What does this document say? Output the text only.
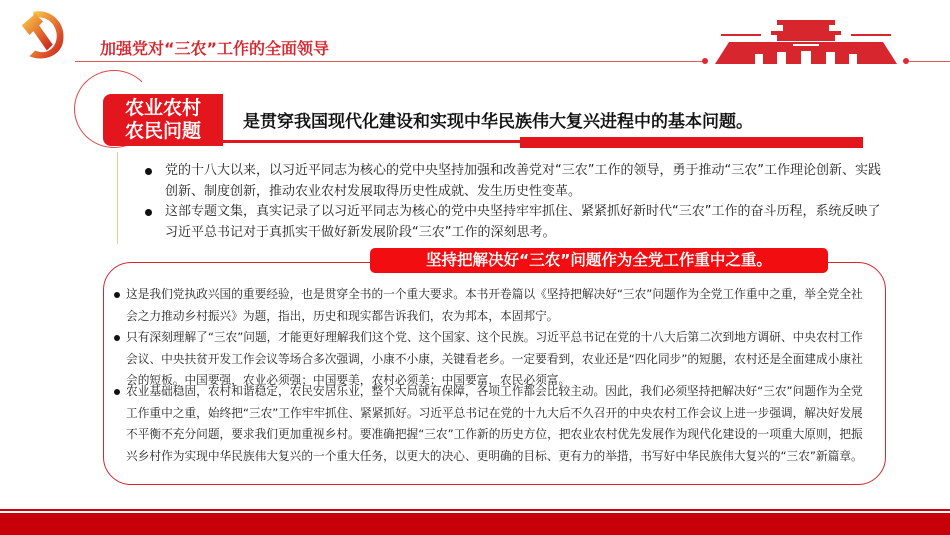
加强党对“三农”工作的全面领导
农业农村
农民问题	是贯穿我国现代化建设和实现中华民族伟大复兴进程中的基本问题。
党的十八大以来，以习近平同志为核心的党中央坚持加强和改善党对“三农”工作的领导，勇于推动“三农”工作理论创新、实践创新、制度创新，推动农业农村发展取得历史性成就、发生历史性变革。
这部专题文集，真实记录了以习近平同志为核心的党中央坚持牢牢抓住、紧紧抓好新时代“三农”工作的奋斗历程，系统反映了习近平总书记对于真抓实干做好新发展阶段“三农”工作的深刻思考。
坚持把解决好“三农”问题作为全党工作重中之重。
这是我们党执政兴国的重要经验，也是贯穿全书的一个重大要求。本书开卷篇以《坚持把解决好“三农”问题作为全党工作重中之重，举全党全社会之力推动乡村振兴》为题，指出，历史和现实都告诉我们，农为邦本，本固邦宁。
只有深刻理解了“三农”问题，才能更好理解我们这个党、这个国家、这个民族。习近平总书记在党的十八大后第二次到地方调研、中央农村工作会议、中央扶贫开发工作会议等场合多次强调，小康不小康，关键看老乡。一定要看到，农业还是“四化同步”的短腿，农村还是全面建成小康社会的短板。中国要强，农业必须强；中国要美，农村必须美；中国要富，农民必须富。
农业基础稳固，农村和谐稳定，农民安居乐业，整个大局就有保障，各项工作都会比较主动。因此，我们必须坚持把解决好“三农”问题作为全党工作重中之重，始终把“三农”工作牢牢抓住、紧紧抓好。习近平总书记在党的十九大后不久召开的中央农村工作会议上进一步强调，解决好发展不平衡不充分问题，要求我们更加重视乡村。要准确把握“三农”工作新的历史方位，把农业农村优先发展作为现代化建设的一项重大原则，把振兴乡村作为实现中华民族伟大复兴的一个重大任务，以更大的决心、更明确的目标、更有力的举措，书写好中华民族伟大复兴的“三农”新篇章。
